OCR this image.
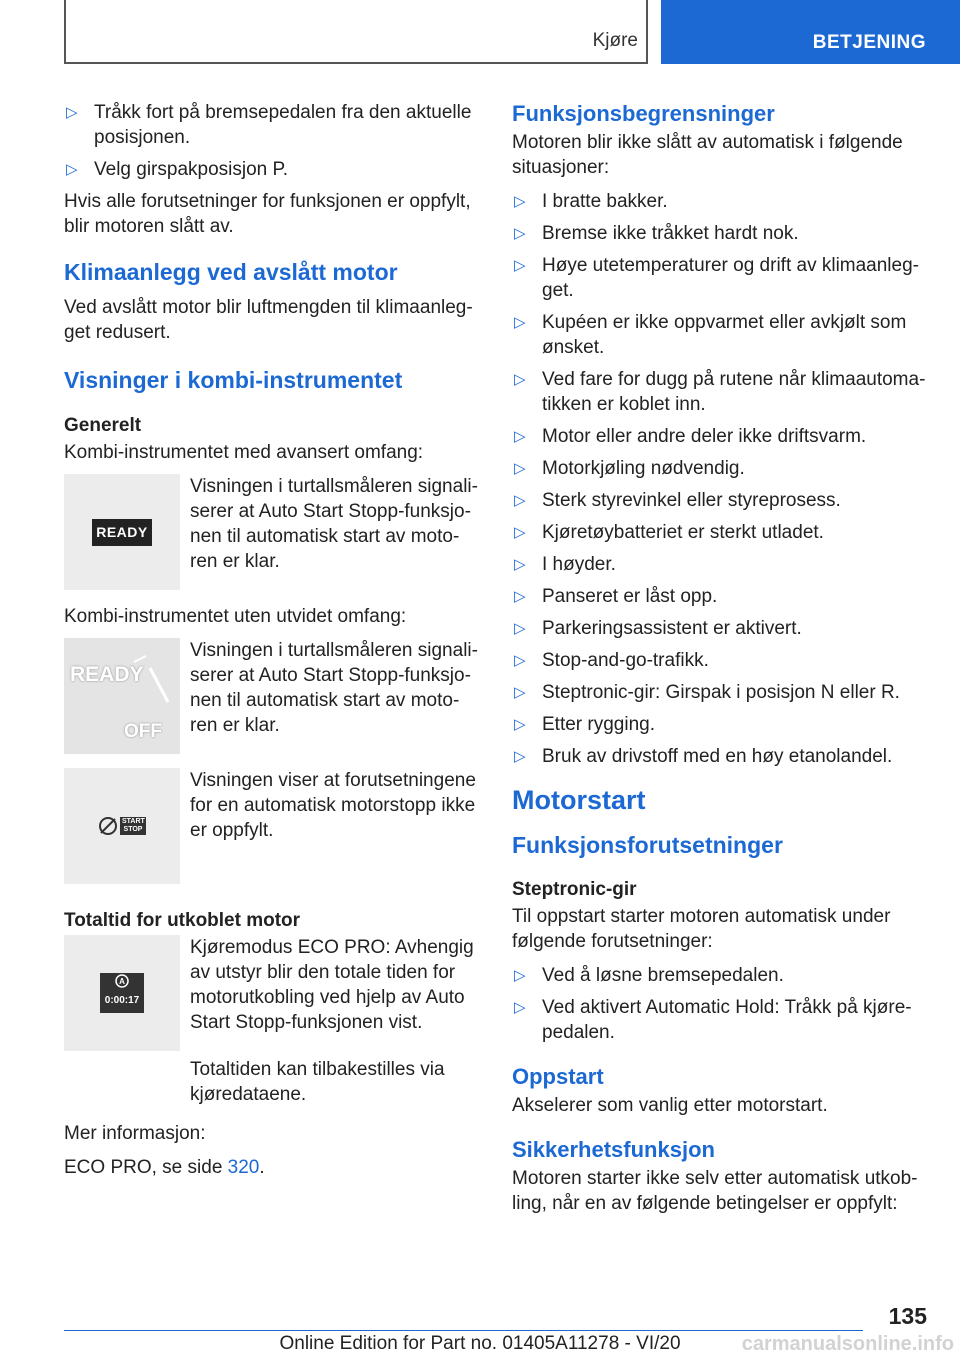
Kjøre	BETJENING
▷ Tråkk fort på bremsepedalen fra den aktuelle posisjonen.
▷ Velg girspakposisjon P.

Hvis alle forutsetninger for funksjonen er oppfylt, blir motoren slått av.

Klimaanlegg ved avslått motor

Ved avslått motor blir luftmengden til klimaanleg-get redusert.

Visninger i kombi-instrumentet
Generelt

Kombi-instrumentet med avansert omfang:

READY
Visningen i turtallsmåleren signali-serer at Auto Start Stopp-funksjo-nen til automatisk start av moto-ren er klar.

Kombi-instrumentet uten utvidet omfang:

READY
OFF
Visningen i turtallsmåleren signali-serer at Auto Start Stopp-funksjo-nen til automatisk start av moto-ren er klar.
START STOP
Visningen viser at forutsetningene for en automatisk motorstopp ikke er oppfylt.
Totaltid for utkoblet motor
A
0:00:17
Kjøremodus ECO PRO: Avhengig av utstyr blir den totale tiden for motorutkobling ved hjelp av Auto Start Stopp-funksjonen vist.

Totaltiden kan tilbakestilles via kjøredataene.

Mer informasjon:

ECO PRO, se side 320.

Funksjonsbegrensninger

Motoren blir ikke slått av automatisk i følgende situasjoner:

▷ I bratte bakker.
▷ Bremse ikke tråkket hardt nok.
▷ Høye utetemperaturer og drift av klimaanleg-get.
▷ Kupéen er ikke oppvarmet eller avkjølt som ønsket.
▷ Ved fare for dugg på rutene når klimaautoma-tikken er koblet inn.
▷ Motor eller andre deler ikke driftsvarm.
▷ Motorkjøling nødvendig.
▷ Sterk styrevinkel eller styreprosess.
▷ Kjøretøybatteriet er sterkt utladet.
▷ I høyder.
▷ Panseret er låst opp.
▷ Parkeringsassistent er aktivert.
▷ Stop-and-go-trafikk.
▷ Steptronic-gir: Girspak i posisjon N eller R.
▷ Etter rygging.
▷ Bruk av drivstoff med en høy etanolandel.
Motorstart
Funksjonsforutsetninger
Steptronic-gir

Til oppstart starter motoren automatisk under følgende forutsetninger:

▷ Ved å løsne bremsepedalen.
▷ Ved aktivert Automatic Hold: Tråkk på kjøre-pedalen.
Oppstart

Akselerer som vanlig etter motorstart.

Sikkerhetsfunksjon

Motoren starter ikke selv etter automatisk utkob-ling, når en av følgende betingelser er oppfylt:

135
Online Edition for Part no. 01405A11278 - VI/20	carmanualsonline.info
